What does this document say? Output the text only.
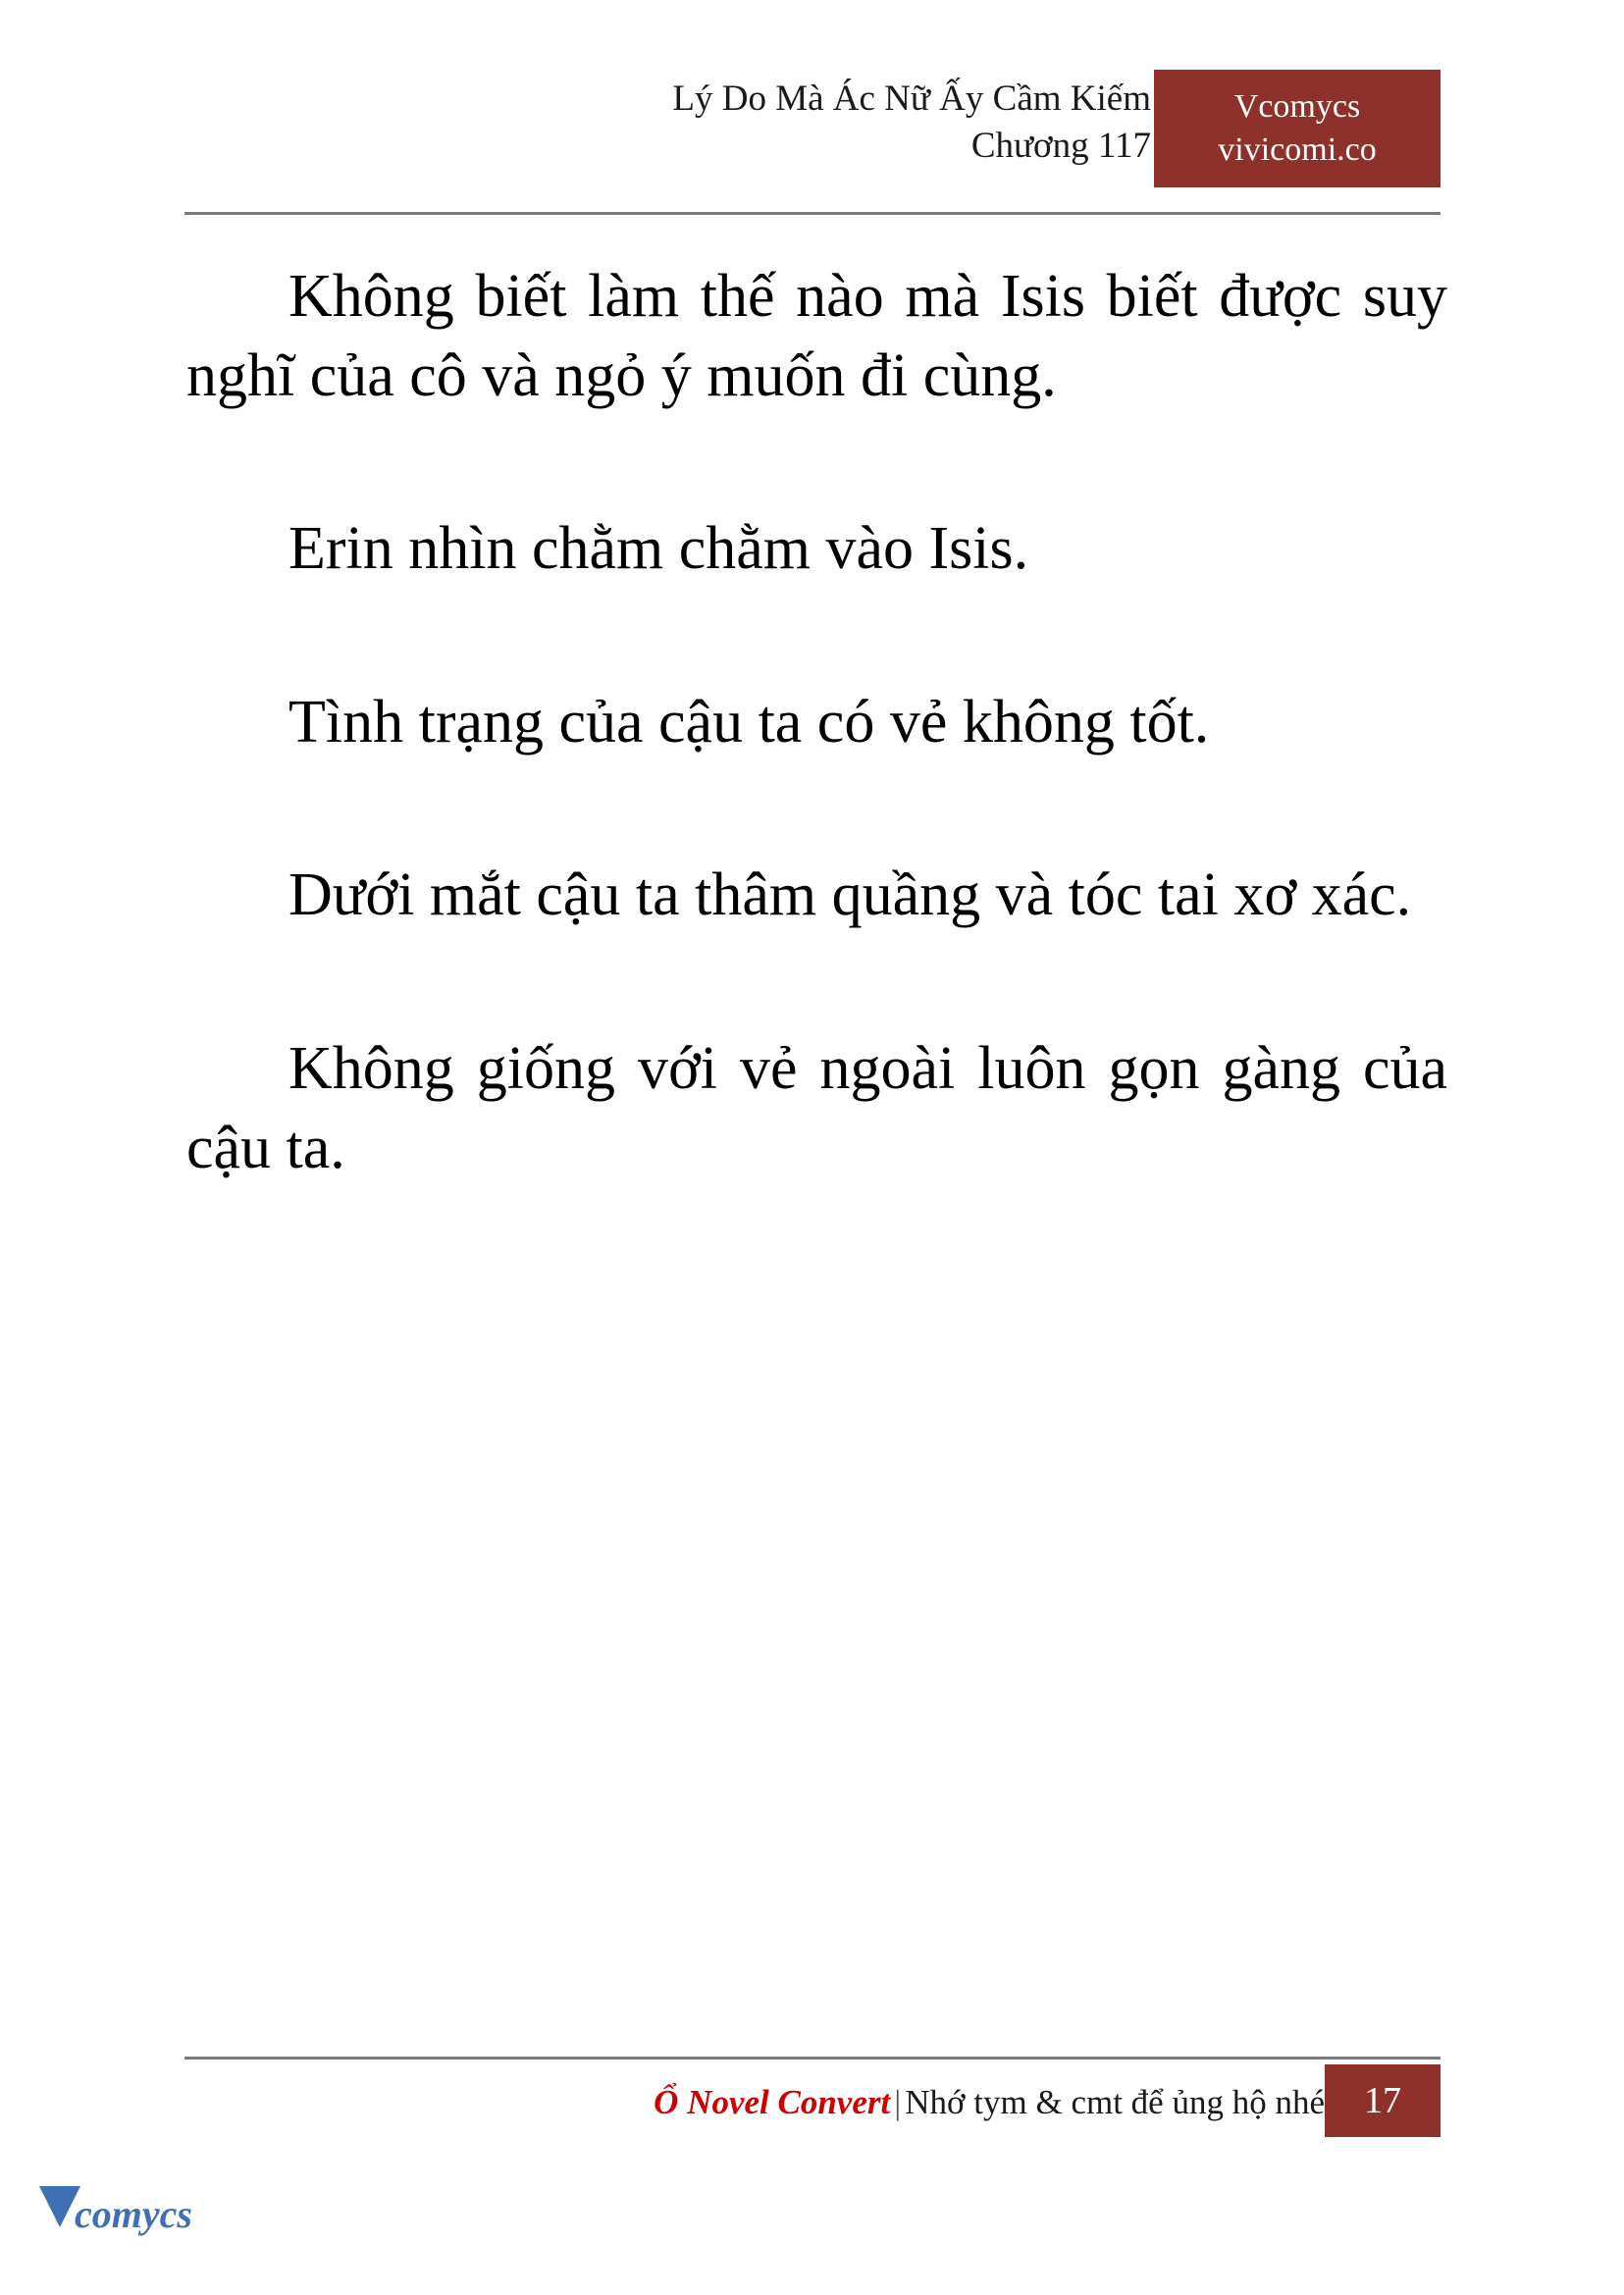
Lý Do Mà Ác Nữ Ấy Cầm Kiếm
Chương 117
Vcomycs
vivicomi.co

Không biết làm thế nào mà Isis biết được suy nghĩ của cô và ngỏ ý muốn đi cùng.

Erin nhìn chằm chằm vào Isis.

Tình trạng của cậu ta có vẻ không tốt.

Dưới mắt cậu ta thâm quầng và tóc tai xơ xác.

Không giống với vẻ ngoài luôn gọn gàng của cậu ta.

Ổ Novel Convert | Nhớ tym & cmt để ủng hộ nhé	17
comycs
